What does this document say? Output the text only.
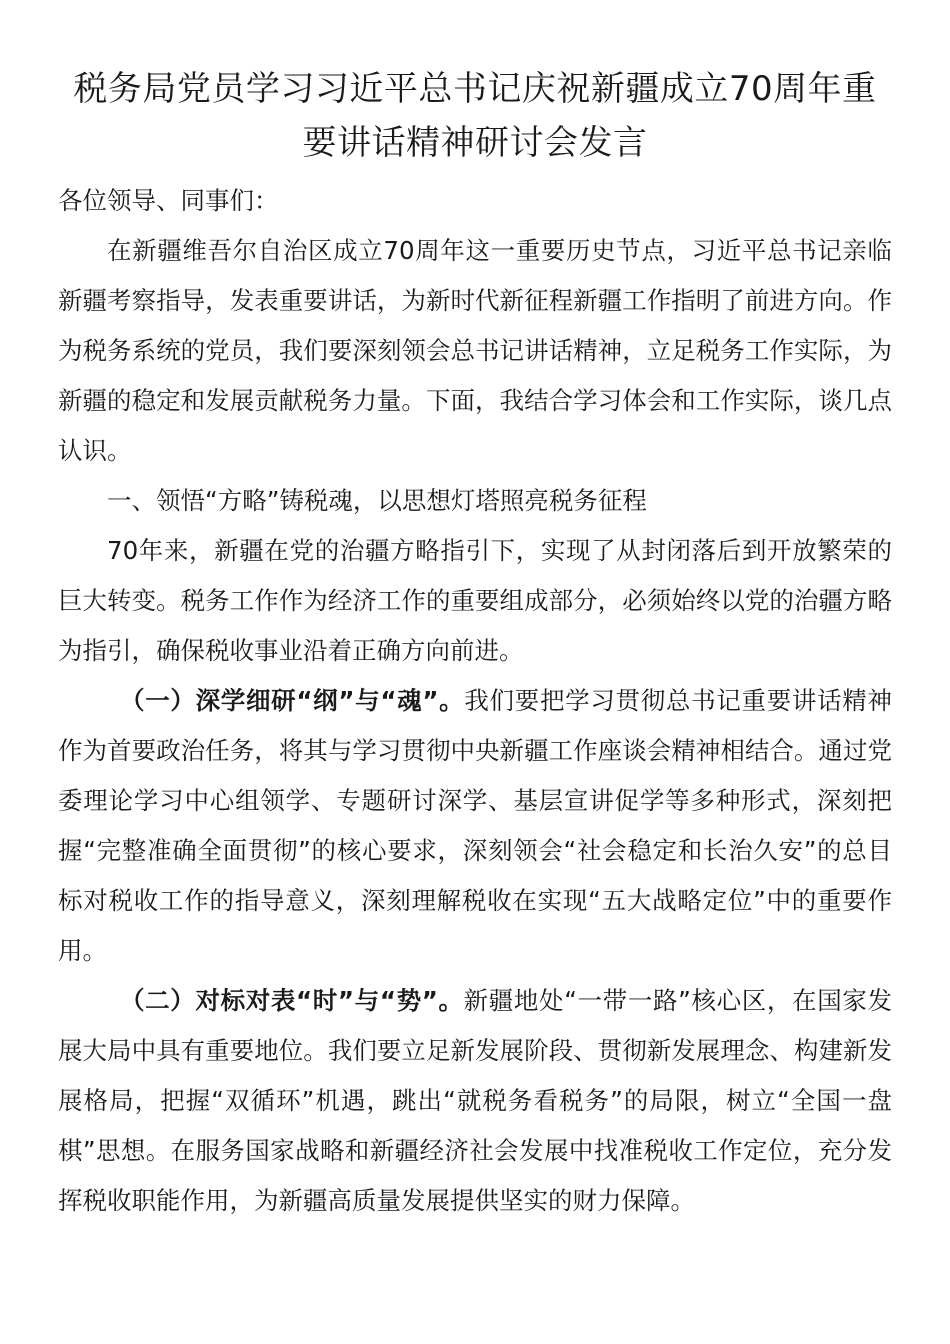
税务局党员学习习近平总书记庆祝新疆成立70周年重要讲话精神研讨会发言

各位领导、同事们：

在新疆维吾尔自治区成立70周年这一重要历史节点，习近平总书记亲临新疆考察指导，发表重要讲话，为新时代新征程新疆工作指明了前进方向。作为税务系统的党员，我们要深刻领会总书记讲话精神，立足税务工作实际，为新疆的稳定和发展贡献税务力量。下面，我结合学习体会和工作实际，谈几点认识。

一、领悟“方略”铸税魂，以思想灯塔照亮税务征程

70年来，新疆在党的治疆方略指引下，实现了从封闭落后到开放繁荣的巨大转变。税务工作作为经济工作的重要组成部分，必须始终以党的治疆方略为指引，确保税收事业沿着正确方向前进。

（一）深学细研“纲”与“魂”。我们要把学习贯彻总书记重要讲话精神作为首要政治任务，将其与学习贯彻中央新疆工作座谈会精神相结合。通过党委理论学习中心组领学、专题研讨深学、基层宣讲促学等多种形式，深刻把握“完整准确全面贯彻”的核心要求，深刻领会“社会稳定和长治久安”的总目标对税收工作的指导意义，深刻理解税收在实现“五大战略定位”中的重要作用。

（二）对标对表“时”与“势”。新疆地处“一带一路”核心区，在国家发展大局中具有重要地位。我们要立足新发展阶段、贯彻新发展理念、构建新发展格局，把握“双循环”机遇，跳出“就税务看税务”的局限，树立“全国一盘棋”思想。在服务国家战略和新疆经济社会发展中找准税收工作定位，充分发挥税收职能作用，为新疆高质量发展提供坚实的财力保障。
